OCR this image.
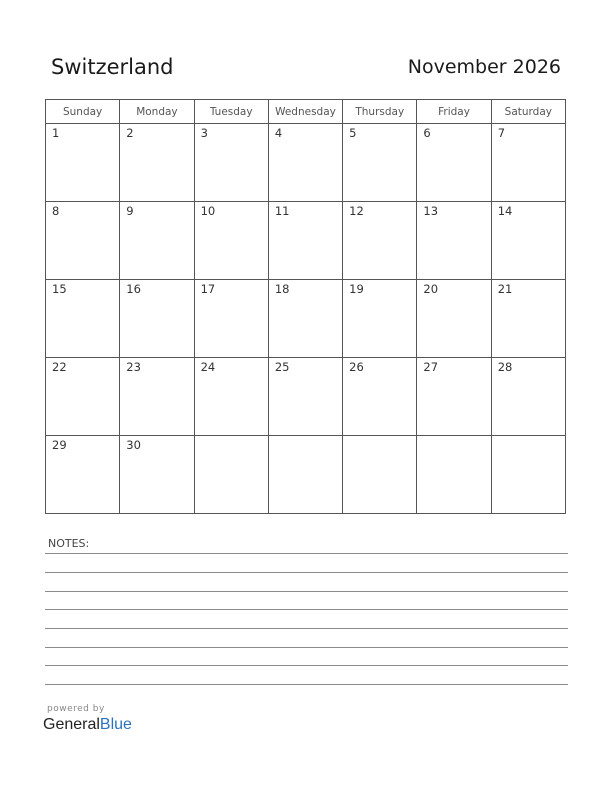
Switzerland	November 2026
Sunday	Monday	Tuesday	Wednesday	Thursday	Friday	Saturday

1	2	3	4	5	6	7

8	9	10	11	12	13	14

15	16	17	18	19	20	21

22	23	24	25	26	27	28

29	30					

NOTES:
powered by
GeneralBlue
